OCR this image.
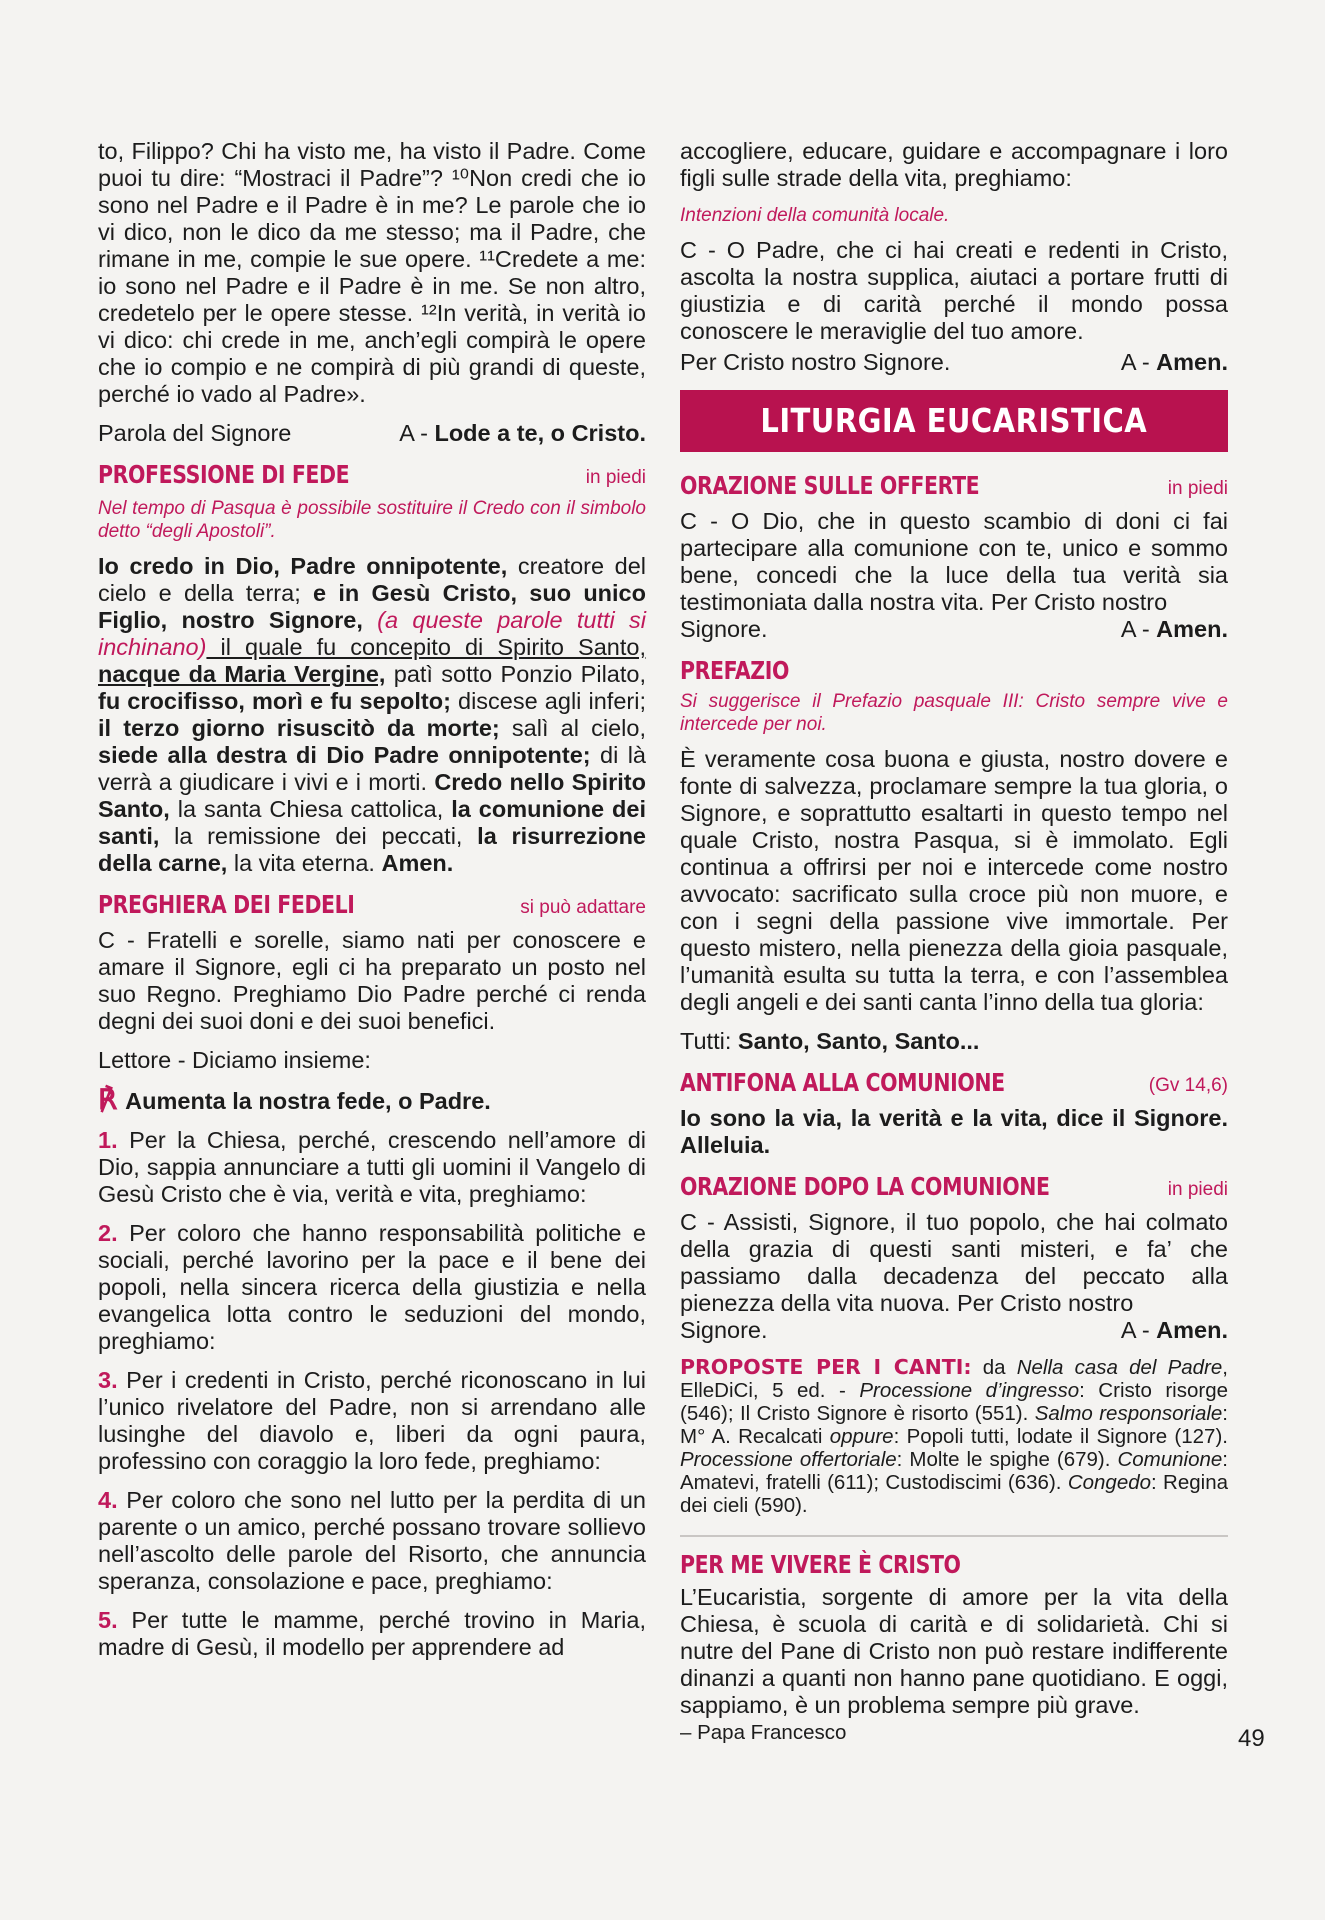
to, Filippo? Chi ha visto me, ha visto il Padre. Come puoi tu dire: “Mostraci il Padre”? ¹⁰Non credi che io sono nel Padre e il Padre è in me? Le parole che io vi dico, non le dico da me stesso; ma il Padre, che rimane in me, compie le sue opere. ¹¹Credete a me: io sono nel Padre e il Padre è in me. Se non altro, credetelo per le opere stesse. ¹²In verità, in verità io vi dico: chi crede in me, anch’egli compirà le opere che io compio e ne compirà di più grandi di queste, perché io vado al Padre».

Parola del Signore	A - Lode a te, o Cristo.

PROFESSIONE DI FEDE	in piedi

Nel tempo di Pasqua è possibile sostituire il Credo con il simbolo detto “degli Apostoli”.

Io credo in Dio, Padre onnipotente, creatore del cielo e della terra; e in Gesù Cristo, suo unico Figlio, nostro Signore, (a queste parole tutti si inchinano) il quale fu concepito di Spirito Santo, nacque da Maria Vergine, patì sotto Ponzio Pilato, fu crocifisso, morì e fu sepolto; discese agli inferi; il terzo giorno risuscitò da morte; salì al cielo, siede alla destra di Dio Padre onnipotente; di là verrà a giudicare i vivi e i morti. Credo nello Spirito Santo, la santa Chiesa cattolica, la comunione dei santi, la remissione dei peccati, la risurrezione della carne, la vita eterna. Amen.

PREGHIERA DEI FEDELI	si può adattare

C - Fratelli e sorelle, siamo nati per conoscere e amare il Signore, egli ci ha preparato un posto nel suo Regno. Preghiamo Dio Padre perché ci renda degni dei suoi doni e dei suoi benefici.

Lettore - Diciamo insieme:

℟ Aumenta la nostra fede, o Padre.

1. Per la Chiesa, perché, crescendo nell’amore di Dio, sappia annunciare a tutti gli uomini il Vangelo di Gesù Cristo che è via, verità e vita, preghiamo:

2. Per coloro che hanno responsabilità politiche e sociali, perché lavorino per la pace e il bene dei popoli, nella sincera ricerca della giustizia e nella evangelica lotta contro le seduzioni del mondo, preghiamo:

3. Per i credenti in Cristo, perché riconoscano in lui l’unico rivelatore del Padre, non si arrendano alle lusinghe del diavolo e, liberi da ogni paura, professino con coraggio la loro fede, preghiamo:

4. Per coloro che sono nel lutto per la perdita di un parente o un amico, perché possano trovare sollievo nell’ascolto delle parole del Risorto, che annuncia speranza, consolazione e pace, preghiamo:

5. Per tutte le mamme, perché trovino in Maria, madre di Gesù, il modello per apprendere ad

accogliere, educare, guidare e accompagnare i loro figli sulle strade della vita, preghiamo:

Intenzioni della comunità locale.

C - O Padre, che ci hai creati e redenti in Cristo, ascolta la nostra supplica, aiutaci a portare frutti di giustizia e di carità perché il mondo possa conoscere le meraviglie del tuo amore.

Per Cristo nostro Signore.	A - Amen.

LITURGIA EUCARISTICA
ORAZIONE SULLE OFFERTE	in piedi

C - O Dio, che in questo scambio di doni ci fai partecipare alla comunione con te, unico e sommo bene, concedi che la luce della tua verità sia testimoniata dalla nostra vita. Per Cristo nostro

Signore.	A - Amen.

PREFAZIO

Si suggerisce il Prefazio pasquale III: Cristo sempre vive e intercede per noi.

È veramente cosa buona e giusta, nostro dovere e fonte di salvezza, proclamare sempre la tua gloria, o Signore, e soprattutto esaltarti in questo tempo nel quale Cristo, nostra Pasqua, si è immolato. Egli continua a offrirsi per noi e intercede come nostro avvocato: sacrificato sulla croce più non muore, e con i segni della passione vive immortale. Per questo mistero, nella pienezza della gioia pasquale, l’umanità esulta su tutta la terra, e con l’assemblea degli angeli e dei santi canta l’inno della tua gloria:

Tutti: Santo, Santo, Santo...

ANTIFONA ALLA COMUNIONE	(Gv 14,6)

Io sono la via, la verità e la vita, dice il Signore. Alleluia.

ORAZIONE DOPO LA COMUNIONE	in piedi

C - Assisti, Signore, il tuo popolo, che hai colmato della grazia di questi santi misteri, e fa’ che passiamo dalla decadenza del peccato alla pienezza della vita nuova. Per Cristo nostro

Signore.	A - Amen.

PROPOSTE PER I CANTI: da Nella casa del Padre, ElleDiCi, 5 ed. - Processione d’ingresso: Cristo risorge (546); Il Cristo Signore è risorto (551). Salmo responsoriale: M° A. Recalcati oppure: Popoli tutti, lodate il Signore (127). Processione offertoriale: Molte le spighe (679). Comunione: Amatevi, fratelli (611); Custodiscimi (636). Congedo: Regina dei cieli (590).

PER ME VIVERE È CRISTO

L’Eucaristia, sorgente di amore per la vita della Chiesa, è scuola di carità e di solidarietà. Chi si nutre del Pane di Cristo non può restare indifferente dinanzi a quanti non hanno pane quotidiano. E oggi, sappiamo, è un problema sempre più grave.

– Papa Francesco	49
